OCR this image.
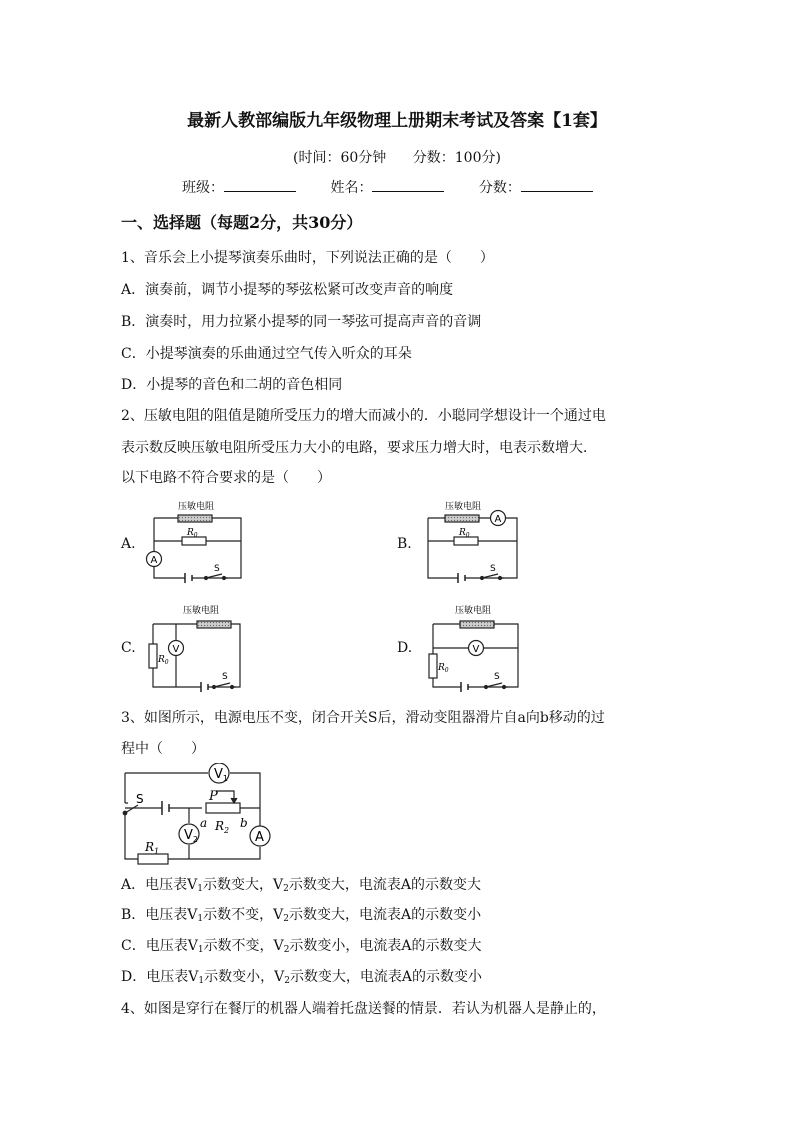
最新人教部编版九年级物理上册期末考试及答案【1套】
(时间：60分钟 分数：100分)
班级：	姓名：	分数：
一、选择题（每题2分，共30分）
1、音乐会上小提琴演奏乐曲时，下列说法正确的是（　　）
A．演奏前，调节小提琴的琴弦松紧可改变声音的响度
B．演奏时，用力拉紧小提琴的同一琴弦可提高声音的音调
C．小提琴演奏的乐曲通过空气传入听众的耳朵
D．小提琴的音色和二胡的音色相同
2、压敏电阻的阻值是随所受压力的增大而减小的．小聪同学想设计一个通过电
表示数反映压敏电阻所受压力大小的电路，要求压力增大时，电表示数增大．
以下电路不符合要求的是（　　）
A.	B.
C.	D.
压敏电阻
$R_0$
A
S
压敏电阻
$R_0$
A
S
压敏电阻
$R_0$
V
S
压敏电阻
$R_0$
V
S
3、如图所示，电源电压不变，闭合开关S后，滑动变阻器滑片自a向b移动的过
程中（　　）
$V_1$
S	P
a	b
$R_2$
$V_2$	A
$R_1$
A．电压表$V_1$示数变大，$V_2$示数变大，电流表A的示数变大
B．电压表$V_1$示数不变，$V_2$示数变大，电流表A的示数变小
C．电压表$V_1$示数不变，$V_2$示数变小，电流表A的示数变大
D．电压表$V_1$示数变小，$V_2$示数变大，电流表A的示数变小
4、如图是穿行在餐厅的机器人端着托盘送餐的情景．若认为机器人是静止的，
